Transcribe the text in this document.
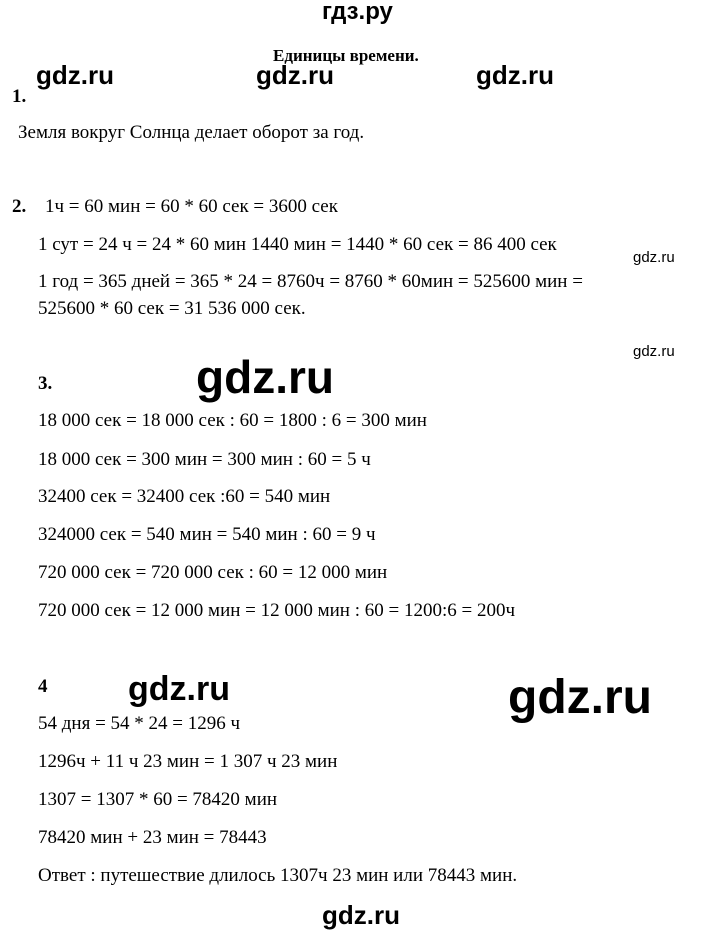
гдз.ру
Единицы времени.
gdz.ru	gdz.ru	gdz.ru
1.
Земля вокруг Солнца делает оборот за год.
2. 1ч = 60 мин = 60 * 60 сек = 3600 сек
1 сут = 24 ч = 24 * 60 мин 1440 мин = 1440 * 60 сек = 86 400 сек
gdz.ru
1 год = 365 дней = 365 * 24 = 8760ч = 8760 * 60мин = 525600 мин =
525600 * 60 сек = 31 536 000 сек.
gdz.ru
gdz.ru
3.
18 000 сек = 18 000 сек : 60 = 1800 : 6 = 300 мин
18 000 сек = 300 мин = 300 мин : 60 = 5 ч
32400 сек = 32400 сек :60 = 540 мин
324000 сек = 540 мин = 540 мин : 60 = 9 ч
720 000 сек = 720 000 сек : 60 = 12 000 мин
720 000 сек = 12 000 мин = 12 000 мин : 60 = 1200:6 = 200ч
4 gdz.ru	gdz.ru
54 дня = 54 * 24 = 1296 ч
1296ч + 11 ч 23 мин = 1 307 ч 23 мин
1307 = 1307 * 60 = 78420 мин
78420 мин + 23 мин = 78443
Ответ : путешествие длилось 1307ч 23 мин или 78443 мин.
gdz.ru
